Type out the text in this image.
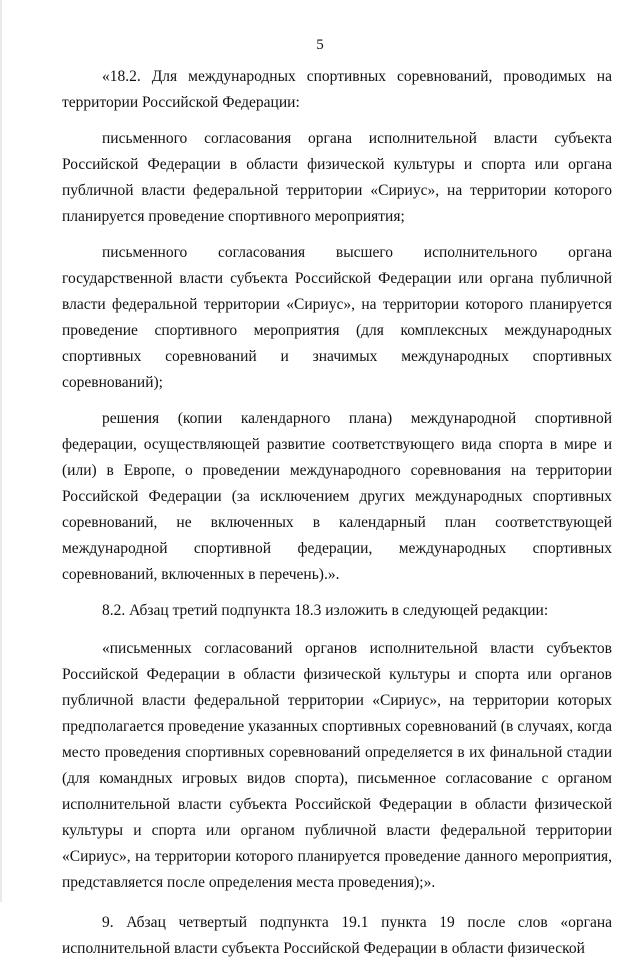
5

«18.2. Для международных спортивных соревнований, проводимых на территории Российской Федерации:

письменного согласования органа исполнительной власти субъекта Российской Федерации в области физической культуры и спорта или органа публичной власти федеральной территории «Сириус», на территории которого планируется проведение спортивного мероприятия;

письменного согласования высшего исполнительного органа государственной власти субъекта Российской Федерации или органа публичной власти федеральной территории «Сириус», на территории которого планируется проведение спортивного мероприятия (для комплексных международных спортивных соревнований и значимых международных спортивных соревнований);

решения (копии календарного плана) международной спортивной федерации, осуществляющей развитие соответствующего вида спорта в мире и (или) в Европе, о проведении международного соревнования на территории Российской Федерации (за исключением других международных спортивных соревнований, не включенных в календарный план соответствующей международной спортивной федерации, международных спортивных соревнований, включенных в перечень).».

8.2. Абзац третий подпункта 18.3 изложить в следующей редакции:

«письменных согласований органов исполнительной власти субъектов Российской Федерации в области физической культуры и спорта или органов публичной власти федеральной территории «Сириус», на территории которых предполагается проведение указанных спортивных соревнований (в случаях, когда место проведения спортивных соревнований определяется в их финальной стадии (для командных игровых видов спорта), письменное согласование с органом исполнительной власти субъекта Российской Федерации в области физической культуры и спорта или органом публичной власти федеральной территории «Сириус», на территории которого планируется проведение данного мероприятия, представляется после определения места проведения);».

9. Абзац четвертый подпункта 19.1 пункта 19 после слов «органа исполнительной власти субъекта Российской Федерации в области физической
